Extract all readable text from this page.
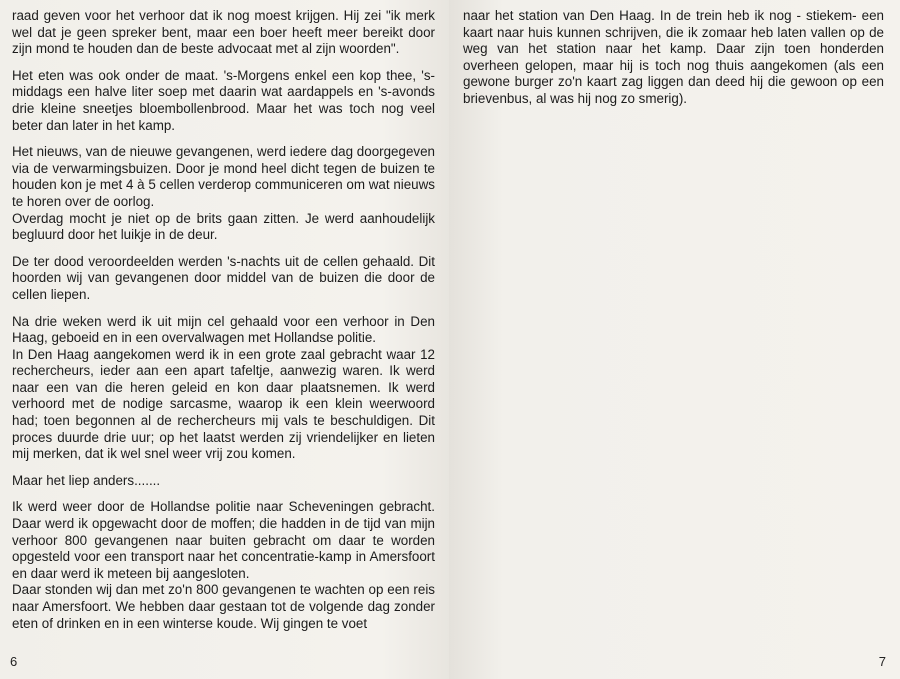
raad geven voor het verhoor dat ik nog moest krijgen. Hij zei "ik merk wel dat je geen spreker bent, maar een boer heeft meer bereikt door zijn mond te houden dan de beste advocaat met al zijn woorden".

Het eten was ook onder de maat. 's-Morgens enkel een kop thee, 's-middags een halve liter soep met daarin wat aardappels en 's-avonds drie kleine sneetjes bloembollenbrood. Maar het was toch nog veel beter dan later in het kamp.

Het nieuws, van de nieuwe gevangenen, werd iedere dag doorgegeven via de verwarmingsbuizen. Door je mond heel dicht tegen de buizen te houden kon je met 4 à 5 cellen verderop communiceren om wat nieuws te horen over de oorlog.

Overdag mocht je niet op de brits gaan zitten. Je werd aanhoudelijk begluurd door het luikje in de deur.

De ter dood veroordeelden werden 's-nachts uit de cellen gehaald. Dit hoorden wij van gevangenen door middel van de buizen die door de cellen liepen.

Na drie weken werd ik uit mijn cel gehaald voor een verhoor in Den Haag, geboeid en in een overvalwagen met Hollandse politie.

In Den Haag aangekomen werd ik in een grote zaal gebracht waar 12 rechercheurs, ieder aan een apart tafeltje, aanwezig waren. Ik werd naar een van die heren geleid en kon daar plaatsnemen. Ik werd verhoord met de nodige sarcasme, waarop ik een klein weerwoord had; toen begonnen al de rechercheurs mij vals te beschuldigen. Dit proces duurde drie uur; op het laatst werden zij vriendelijker en lieten mij merken, dat ik wel snel weer vrij zou komen.

Maar het liep anders.......

Ik werd weer door de Hollandse politie naar Scheveningen gebracht. Daar werd ik opgewacht door de moffen; die hadden in de tijd van mijn verhoor 800 gevangenen naar buiten gebracht om daar te worden opgesteld voor een transport naar het concentratie-kamp in Amersfoort en daar werd ik meteen bij aangesloten.

Daar stonden wij dan met zo'n 800 gevangenen te wachten op een reis naar Amersfoort. We hebben daar gestaan tot de volgende dag zonder eten of drinken en in een winterse koude. Wij gingen te voet

6

naar het station van Den Haag. In de trein heb ik nog - stiekem- een kaart naar huis kunnen schrijven, die ik zomaar heb laten vallen op de weg van het station naar het kamp. Daar zijn toen honderden overheen gelopen, maar hij is toch nog thuis aangekomen (als een gewone burger zo'n kaart zag liggen dan deed hij die gewoon op een brievenbus, al was hij nog zo smerig).

7
